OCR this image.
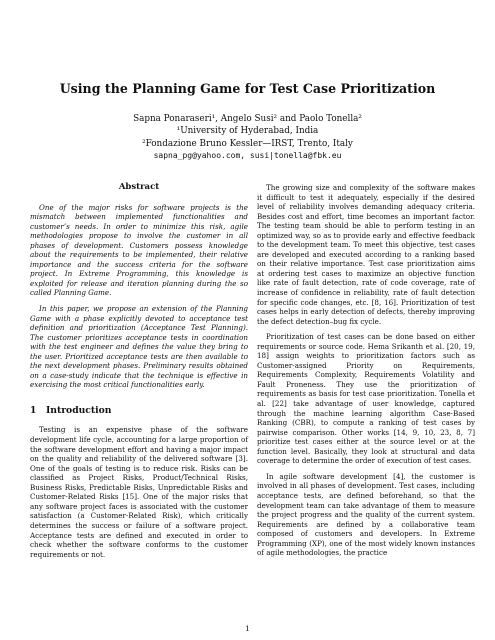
Using the Planning Game for Test Case Prioritization
Sapna Ponaraseri¹, Angelo Susi² and Paolo Tonella²
¹University of Hyderabad, India
²Fondazione Bruno Kessler—IRST, Trento, Italy
sapna_pg@yahoo.com, susi|tonella@fbk.eu
Abstract

One of the major risks for software projects is the mismatch between implemented functionalities and customer’s needs. In order to minimize this risk, agile methodologies propose to involve the customer in all phases of development. Customers possess knowledge about the requirements to be implemented, their relative importance and the success criteria for the software project. In Extreme Programming, this knowledge is exploited for release and iteration planning during the so called Planning Game.

In this paper, we propose an extension of the Planning Game with a phase explicitly devoted to acceptance test definition and prioritization (Acceptance Test Planning). The customer prioritizes acceptance tests in coordination with the test engineer and defines the value they bring to the user. Prioritized acceptance tests are then available to the next development phases. Preliminary results obtained on a case-study indicate that the technique is effective in exercising the most critical functionalities early.

1 Introduction

Testing is an expensive phase of the software development life cycle, accounting for a large proportion of the software development effort and having a major impact on the quality and reliability of the delivered software [3]. One of the goals of testing is to reduce risk. Risks can be classified as Project Risks, Product/Technical Risks, Business Risks, Predictable Risks, Unpredictable Risks and Customer-Related Risks [15]. One of the major risks that any software project faces is associated with the customer satisfaction (a Customer-Related Risk), which critically determines the success or failure of a software project. Acceptance tests are defined and executed in order to check whether the software conforms to the customer requirements or not.

The growing size and complexity of the software makes it difficult to test it adequately, especially if the desired level of reliability involves demanding adequacy criteria. Besides cost and effort, time becomes an important factor. The testing team should be able to perform testing in an optimized way, so as to provide early and effective feedback to the development team. To meet this objective, test cases are developed and executed according to a ranking based on their relative importance. Test case prioritization aims at ordering test cases to maximize an objective function like rate of fault detection, rate of code coverage, rate of increase of confidence in reliability, rate of fault detection for specific code changes, etc. [8, 16]. Prioritization of test cases helps in early detection of defects, thereby improving the defect detection–bug fix cycle.

Prioritization of test cases can be done based on either requirements or source code. Hema Srikanth et al. [20, 19, 18] assign weights to prioritization factors such as Customer-assigned Priority on Requirements, Requirements Complexity, Requirements Volatility and Fault Proneness. They use the prioritization of requirements as basis for test case prioritization. Tonella et al. [22] take advantage of user knowledge, captured through the machine learning algorithm Case-Based Ranking (CBR), to compute a ranking of test cases by pairwise comparison. Other works [14, 9, 10, 23, 8, 7] prioritize test cases either at the source level or at the function level. Basically, they look at structural and data coverage to determine the order of execution of test cases.

In agile software development [4], the customer is involved in all phases of development. Test cases, including acceptance tests, are defined beforehand, so that the development team can take advantage of them to measure the project progress and the quality of the current system. Requirements are defined by a collaborative team composed of customers and developers. In Extreme Programming (XP), one of the most widely known instances of agile methodologies, the practice

1
